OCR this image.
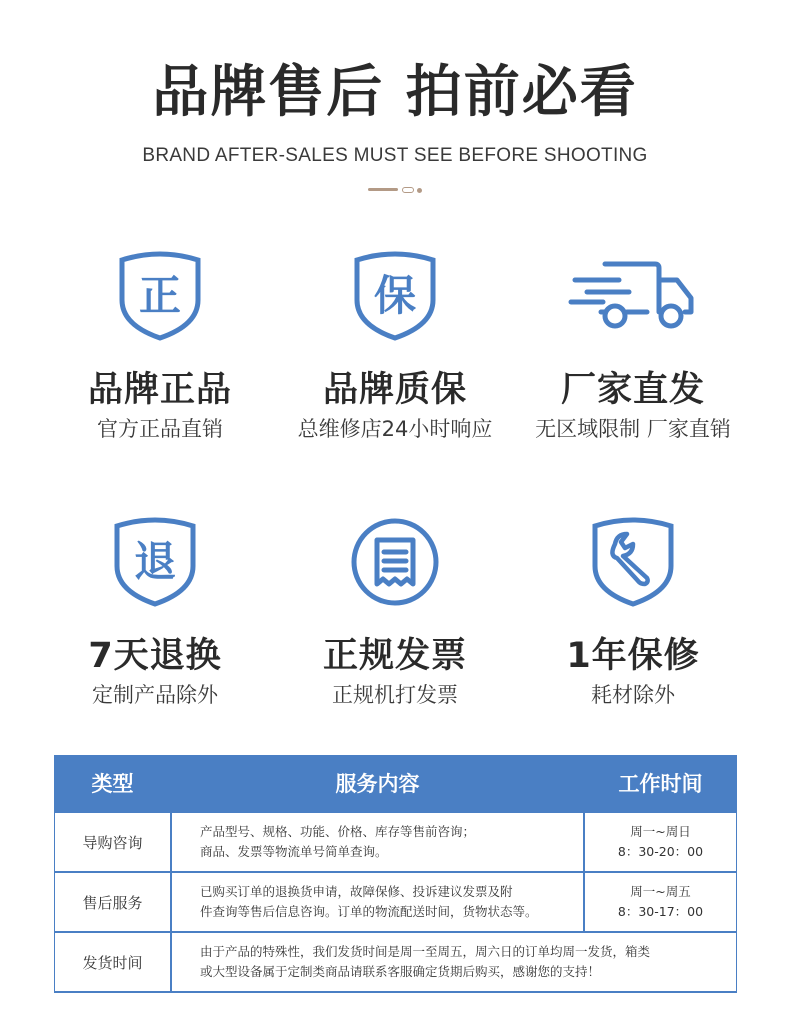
品牌售后 拍前必看
BRAND AFTER-SALES MUST SEE BEFORE SHOOTING
正
品牌正品
官方正品直销
保
品牌质保
总维修店24小时响应
厂家直发
无区域限制 厂家直销
退
7天退换
定制产品除外
正规发票
正规机打发票
1年保修
耗材除外
类型	服务内容	工作时间
导购咨询
产品型号、规格、功能、价格、库存等售前咨询；
商品、发票等物流单号简单查询。
周一~周日
8：30-20：00
售后服务
已购买订单的退换货申请，故障保修、投诉建议发票及附
件查询等售后信息咨询。订单的物流配送时间，货物状态等。
周一~周五
8：30-17：00
发货时间
由于产品的特殊性，我们发货时间是周一至周五，周六日的订单均周一发货，箱类
或大型设备属于定制类商品请联系客服确定货期后购买，感谢您的支持！
